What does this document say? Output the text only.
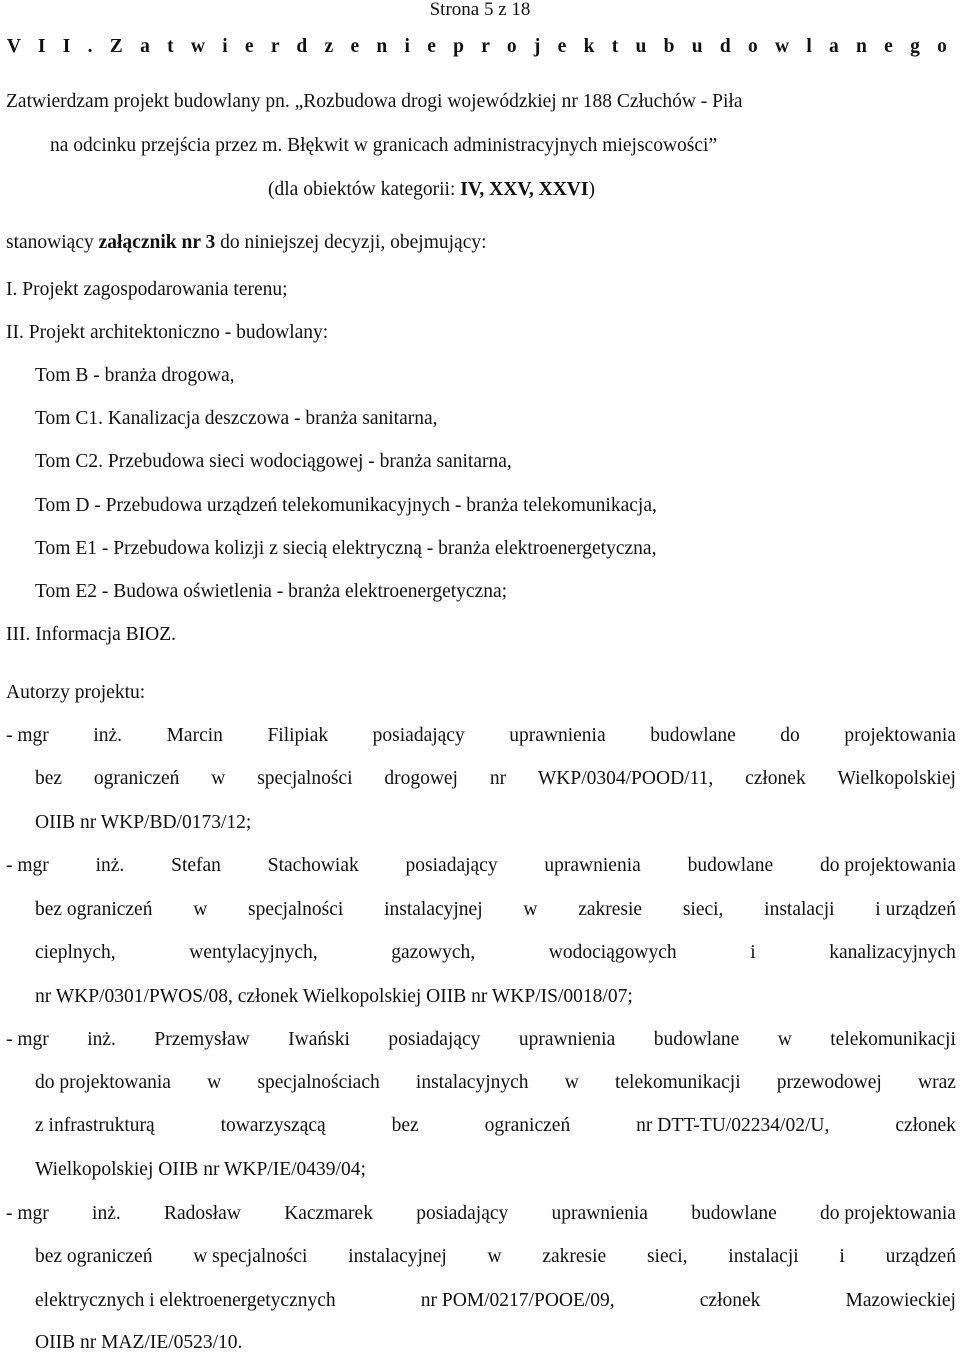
Strona 5 z 18
V I I . Z a t w i e r d z e n i e p r o j e k t u b u d o w l a n e g o
Zatwierdzam projekt budowlany pn. „Rozbudowa drogi wojewódzkiej nr 188 Człuchów - Piła
na odcinku przejścia przez m. Błękwit w granicach administracyjnych miejscowości”
(dla obiektów kategorii: IV, XXV, XXVI)
stanowiący załącznik nr 3 do niniejszej decyzji, obejmujący:
I. Projekt zagospodarowania terenu;
II. Projekt architektoniczno - budowlany:
Tom B - branża drogowa,
Tom C1. Kanalizacja deszczowa - branża sanitarna,
Tom C2. Przebudowa sieci wodociągowej - branża sanitarna,
Tom D - Przebudowa urządzeń telekomunikacyjnych - branża telekomunikacja,
Tom E1 - Przebudowa kolizji z siecią elektryczną - branża elektroenergetyczna,
Tom E2 - Budowa oświetlenia - branża elektroenergetyczna;
III. Informacja BIOZ.
Autorzy projektu:
- mgr inż. Marcin Filipiak posiadający uprawnienia budowlane do projektowania
bez ograniczeń w specjalności drogowej nr WKP/0304/POOD/11, członek Wielkopolskiej
OIIB nr WKP/BD/0173/12;
- mgr inż. Stefan Stachowiak posiadający uprawnienia budowlane do projektowania
bez ograniczeń w specjalności instalacyjnej w zakresie sieci, instalacji i urządzeń
cieplnych,	wentylacyjnych,	gazowych,	wodociągowych	i	kanalizacyjnych
nr WKP/0301/PWOS/08, członek Wielkopolskiej OIIB nr WKP/IS/0018/07;
- mgr inż. Przemysław Iwański posiadający uprawnienia budowlane w telekomunikacji
do projektowania w specjalnościach instalacyjnych w telekomunikacji przewodowej wraz
z infrastrukturą	towarzyszącą	bez	ograniczeń	nr DTT-TU/02234/02/U,	członek
Wielkopolskiej OIIB nr WKP/IE/0439/04;
- mgr inż. Radosław Kaczmarek posiadający uprawnienia budowlane do projektowania
bez ograniczeń w specjalności instalacyjnej w zakresie sieci, instalacji i urządzeń
elektrycznych i elektroenergetycznych	nr POM/0217/POOE/09,	członek	Mazowieckiej
OIIB nr MAZ/IE/0523/10.
